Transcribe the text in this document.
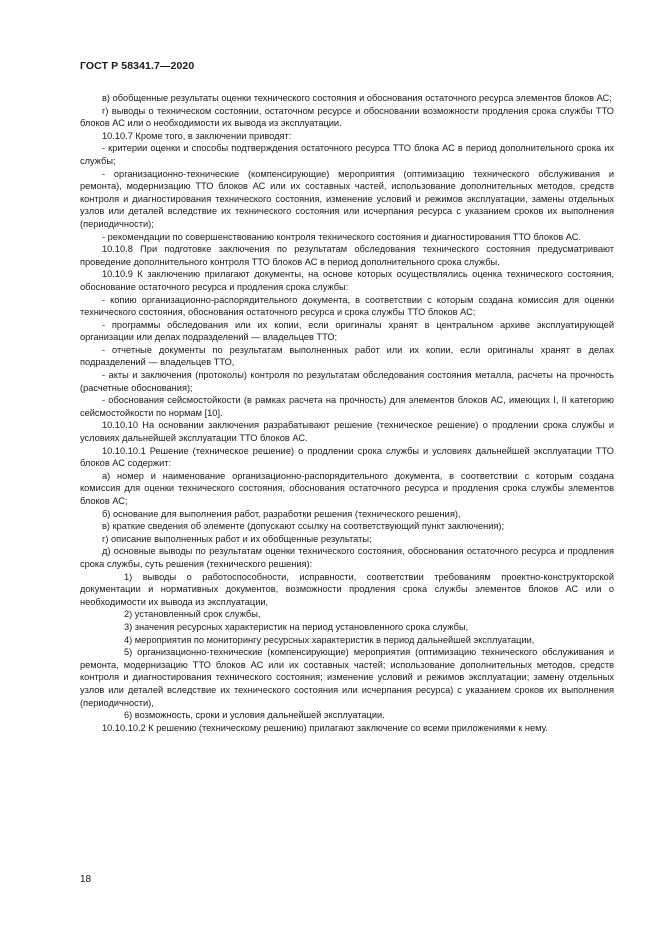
ГОСТ Р 58341.7—2020

в) обобщенные результаты оценки технического состояния и обоснования остаточного ресурса элементов блоков АС;

г) выводы о техническом состоянии, остаточном ресурсе и обосновании возможности продления срока службы ТТО блоков АС или о необходимости их вывода из эксплуатации.

10.10.7 Кроме того, в заключении приводят:

- критерии оценки и способы подтверждения остаточного ресурса ТТО блока АС в период дополнительного срока их службы;

- организационно-технические (компенсирующие) мероприятия (оптимизацию технического обслуживания и ремонта), модернизацию ТТО блоков АС или их составных частей, использование дополнительных методов, средств контроля и диагностирования технического состояния, изменение условий и режимов эксплуатации, замены отдельных узлов или деталей вследствие их технического состояния или исчерпания ресурса с указанием сроков их выполнения (периодичности);

- рекомендации по совершенствованию контроля технического состояния и диагностирования ТТО блоков АС.

10.10.8 При подготовке заключения по результатам обследования технического состояния предусматривают проведение дополнительного контроля ТТО блоков АС в период дополнительного срока службы.

10.10.9 К заключению прилагают документы, на основе которых осуществлялись оценка технического состояния, обоснование остаточного ресурса и продления срока службы:

- копию организационно-распорядительного документа, в соответствии с которым создана комиссия для оценки технического состояния, обоснования остаточного ресурса и срока службы ТТО блоков АС;

- программы обследования или их копии, если оригиналы хранят в центральном архиве эксплуатирующей организации или делах подразделений — владельцев ТТО;

- отчетные документы по результатам выполненных работ или их копии, если оригиналы хранят в делах подразделений — владельцев ТТО,

- акты и заключения (протоколы) контроля по результатам обследования состояния металла, расчеты на прочность (расчетные обоснования);

- обоснования сейсмостойкости (в рамках расчета на прочность) для элементов блоков АС, имеющих I, II категорию сейсмостойкости по нормам [10].

10.10.10 На основании заключения разрабатывают решение (техническое решение) о продлении срока службы и условиях дальнейшей эксплуатации ТТО блоков АС.

10.10.10.1 Решение (техническое решение) о продлении срока службы и условиях дальнейшей эксплуатации ТТО блоков АС содержит:

а) номер и наименование организационно-распорядительного документа, в соответствии с которым создана комиссия для оценки технического состояния, обоснования остаточного ресурса и продления срока службы элементов блоков АС;

б) основание для выполнения работ, разработки решения (технического решения),

в) краткие сведения об элементе (допускают ссылку на соответствующий пункт заключения);

г) описание выполненных работ и их обобщенные результаты;

д) основные выводы по результатам оценки технического состояния, обоснования остаточного ресурса и продления срока службы, суть решения (технического решения):

1) выводы о работоспособности, исправности, соответствии требованиям проектно-конструкторской документации и нормативных документов, возможности продления срока службы элементов блоков АС или о необходимости их вывода из эксплуатации,

2) установленный срок службы,

3) значения ресурсных характеристик на период установленного срока службы,

4) мероприятия по мониторингу ресурсных характеристик в период дальнейшей эксплуатации,

5) организационно-технические (компенсирующие) мероприятия (оптимизацию технического обслуживания и ремонта, модернизацию ТТО блоков АС или их составных частей; использование дополнительных методов, средств контроля и диагностирования технического состояния; изменение условий и режимов эксплуатации; замену отдельных узлов или деталей вследствие их технического состояния или исчерпания ресурса) с указанием сроков их выполнения (периодичности),

6) возможность, сроки и условия дальнейшей эксплуатации.

10.10.10.2 К решению (техническому решению) прилагают заключение со всеми приложениями к нему.

18
